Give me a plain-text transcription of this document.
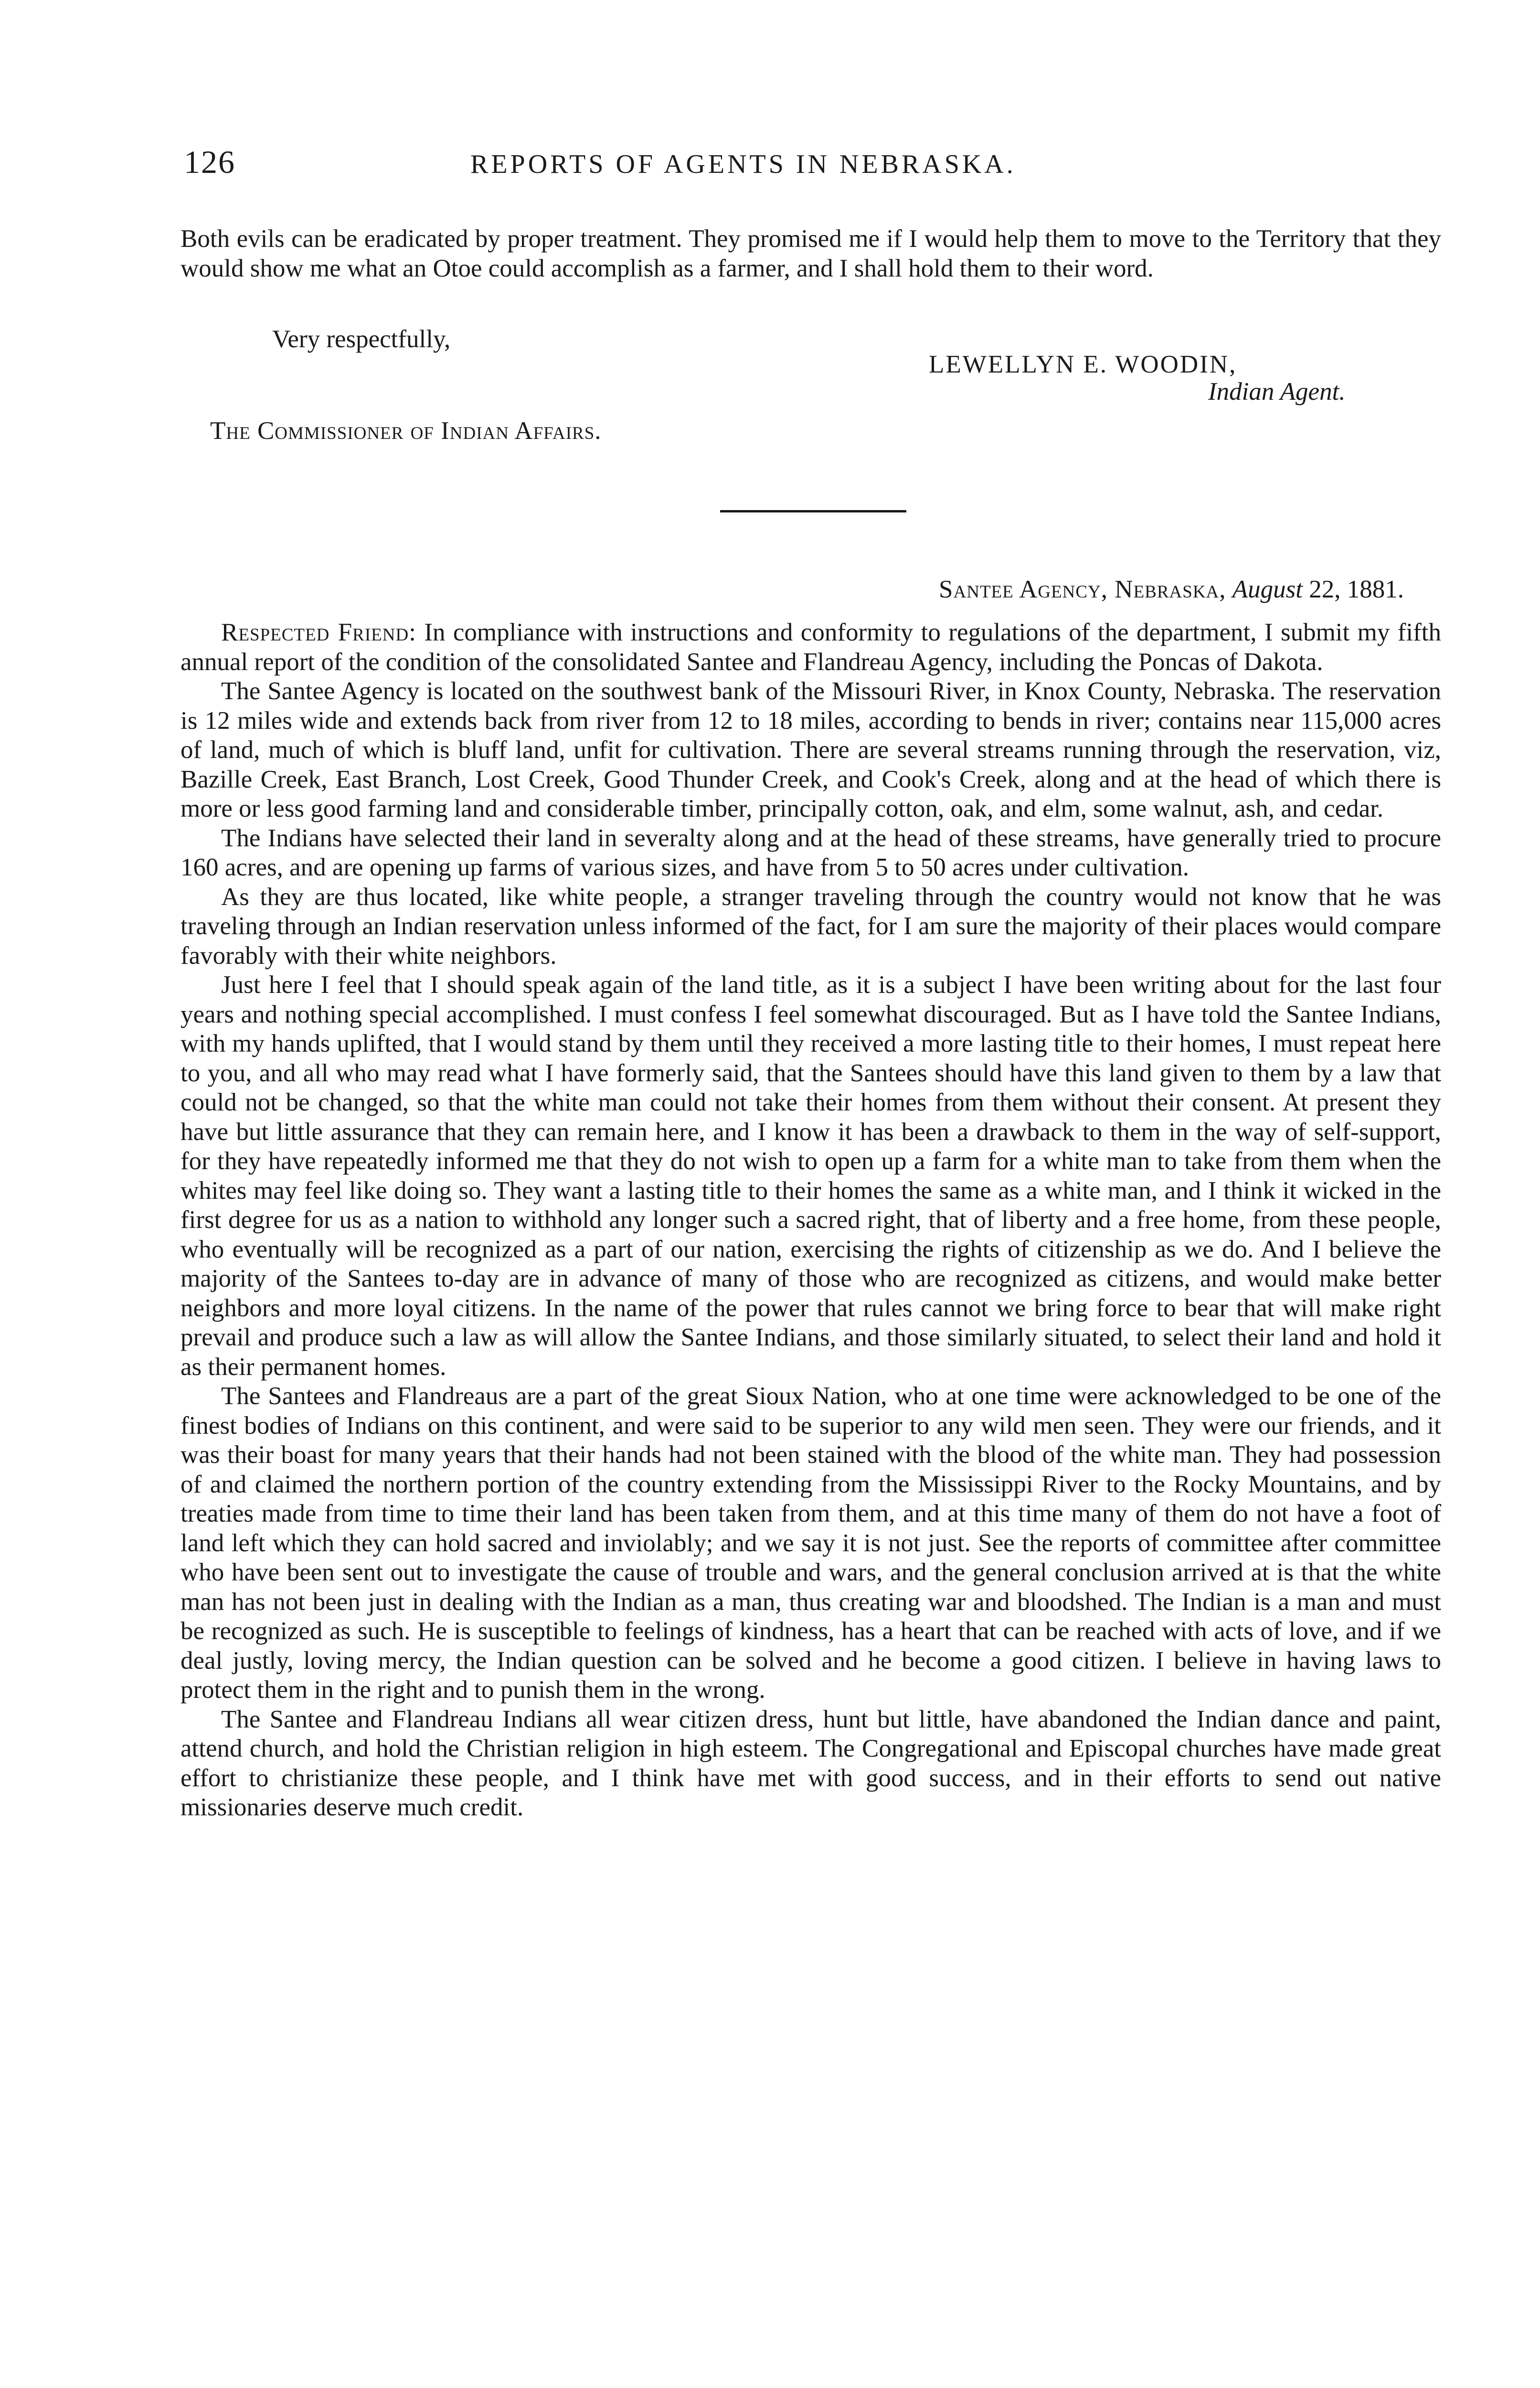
126	REPORTS OF AGENTS IN NEBRASKA.

Both evils can be eradicated by proper treatment. They promised me if I would help them to move to the Territory that they would show me what an Otoe could accomplish as a farmer, and I shall hold them to their word.

Very respectfully,
LEWELLYN E. WOODIN,
Indian Agent.
The Commissioner of Indian Affairs.
Santee Agency, Nebraska, August 22, 1881.

Respected Friend: In compliance with instructions and conformity to regulations of the department, I submit my fifth annual report of the condition of the consolidated Santee and Flandreau Agency, including the Poncas of Dakota.

The Santee Agency is located on the southwest bank of the Missouri River, in Knox County, Nebraska. The reservation is 12 miles wide and extends back from river from 12 to 18 miles, according to bends in river; contains near 115,000 acres of land, much of which is bluff land, unfit for cultivation. There are several streams running through the reservation, viz, Bazille Creek, East Branch, Lost Creek, Good Thunder Creek, and Cook's Creek, along and at the head of which there is more or less good farming land and considerable timber, principally cotton, oak, and elm, some walnut, ash, and cedar.

The Indians have selected their land in severalty along and at the head of these streams, have generally tried to procure 160 acres, and are opening up farms of various sizes, and have from 5 to 50 acres under cultivation.

As they are thus located, like white people, a stranger traveling through the country would not know that he was traveling through an Indian reservation unless informed of the fact, for I am sure the majority of their places would compare favorably with their white neighbors.

Just here I feel that I should speak again of the land title, as it is a subject I have been writing about for the last four years and nothing special accomplished. I must confess I feel somewhat discouraged. But as I have told the Santee Indians, with my hands uplifted, that I would stand by them until they received a more lasting title to their homes, I must repeat here to you, and all who may read what I have formerly said, that the Santees should have this land given to them by a law that could not be changed, so that the white man could not take their homes from them without their consent. At present they have but little assurance that they can remain here, and I know it has been a drawback to them in the way of self-support, for they have repeatedly informed me that they do not wish to open up a farm for a white man to take from them when the whites may feel like doing so. They want a lasting title to their homes the same as a white man, and I think it wicked in the first degree for us as a nation to withhold any longer such a sacred right, that of liberty and a free home, from these people, who eventually will be recognized as a part of our nation, exercising the rights of citizenship as we do. And I believe the majority of the Santees to-day are in advance of many of those who are recognized as citizens, and would make better neighbors and more loyal citizens. In the name of the power that rules cannot we bring force to bear that will make right prevail and produce such a law as will allow the Santee Indians, and those similarly situated, to select their land and hold it as their permanent homes.

The Santees and Flandreaus are a part of the great Sioux Nation, who at one time were acknowledged to be one of the finest bodies of Indians on this continent, and were said to be superior to any wild men seen. They were our friends, and it was their boast for many years that their hands had not been stained with the blood of the white man. They had possession of and claimed the northern portion of the country extending from the Mississippi River to the Rocky Mountains, and by treaties made from time to time their land has been taken from them, and at this time many of them do not have a foot of land left which they can hold sacred and inviolably; and we say it is not just. See the reports of committee after committee who have been sent out to investigate the cause of trouble and wars, and the general conclusion arrived at is that the white man has not been just in dealing with the Indian as a man, thus creating war and bloodshed. The Indian is a man and must be recognized as such. He is susceptible to feelings of kindness, has a heart that can be reached with acts of love, and if we deal justly, loving mercy, the Indian question can be solved and he become a good citizen. I believe in having laws to protect them in the right and to punish them in the wrong.

The Santee and Flandreau Indians all wear citizen dress, hunt but little, have abandoned the Indian dance and paint, attend church, and hold the Christian religion in high esteem. The Congregational and Episcopal churches have made great effort to christianize these people, and I think have met with good success, and in their efforts to send out native missionaries deserve much credit.
